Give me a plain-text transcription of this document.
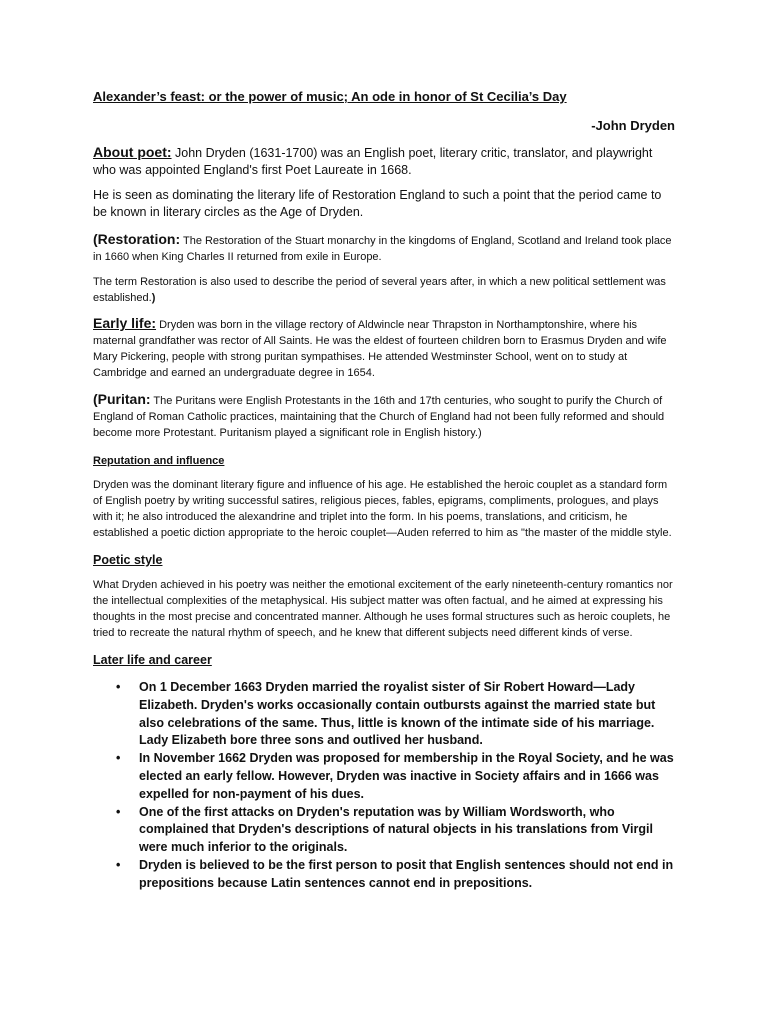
Alexander’s feast: or the power of music; An ode in honor of St Cecilia’s Day

-John Dryden

About poet: John Dryden (1631-1700) was an English poet, literary critic, translator, and playwright who was appointed England's first Poet Laureate in 1668.

He is seen as dominating the literary life of Restoration England to such a point that the period came to be known in literary circles as the Age of Dryden.

(Restoration: The Restoration of the Stuart monarchy in the kingdoms of England, Scotland and Ireland took place in 1660 when King Charles II returned from exile in Europe.

The term Restoration is also used to describe the period of several years after, in which a new political settlement was established.)

Early life: Dryden was born in the village rectory of Aldwincle near Thrapston in Northamptonshire, where his maternal grandfather was rector of All Saints. He was the eldest of fourteen children born to Erasmus Dryden and wife Mary Pickering, people with strong puritan sympathises. He attended Westminster School, went on to study at Cambridge and earned an undergraduate degree in 1654.

(Puritan: The Puritans were English Protestants in the 16th and 17th centuries, who sought to purify the Church of England of Roman Catholic practices, maintaining that the Church of England had not been fully reformed and should become more Protestant. Puritanism played a significant role in English history.)

Reputation and influence

Dryden was the dominant literary figure and influence of his age. He established the heroic couplet as a standard form of English poetry by writing successful satires, religious pieces, fables, epigrams, compliments, prologues, and plays with it; he also introduced the alexandrine and triplet into the form. In his poems, translations, and criticism, he established a poetic diction appropriate to the heroic couplet—Auden referred to him as "the master of the middle style.

Poetic style

What Dryden achieved in his poetry was neither the emotional excitement of the early nineteenth-century romantics nor the intellectual complexities of the metaphysical. His subject matter was often factual, and he aimed at expressing his thoughts in the most precise and concentrated manner. Although he uses formal structures such as heroic couplets, he tried to recreate the natural rhythm of speech, and he knew that different subjects need different kinds of verse.

Later life and career

• On 1 December 1663 Dryden married the royalist sister of Sir Robert Howard—Lady Elizabeth. Dryden's works occasionally contain outbursts against the married state but also celebrations of the same. Thus, little is known of the intimate side of his marriage. Lady Elizabeth bore three sons and outlived her husband.
• In November 1662 Dryden was proposed for membership in the Royal Society, and he was elected an early fellow. However, Dryden was inactive in Society affairs and in 1666 was expelled for non-payment of his dues.
• One of the first attacks on Dryden's reputation was by William Wordsworth, who complained that Dryden's descriptions of natural objects in his translations from Virgil were much inferior to the originals.
• Dryden is believed to be the first person to posit that English sentences should not end in prepositions because Latin sentences cannot end in prepositions.
